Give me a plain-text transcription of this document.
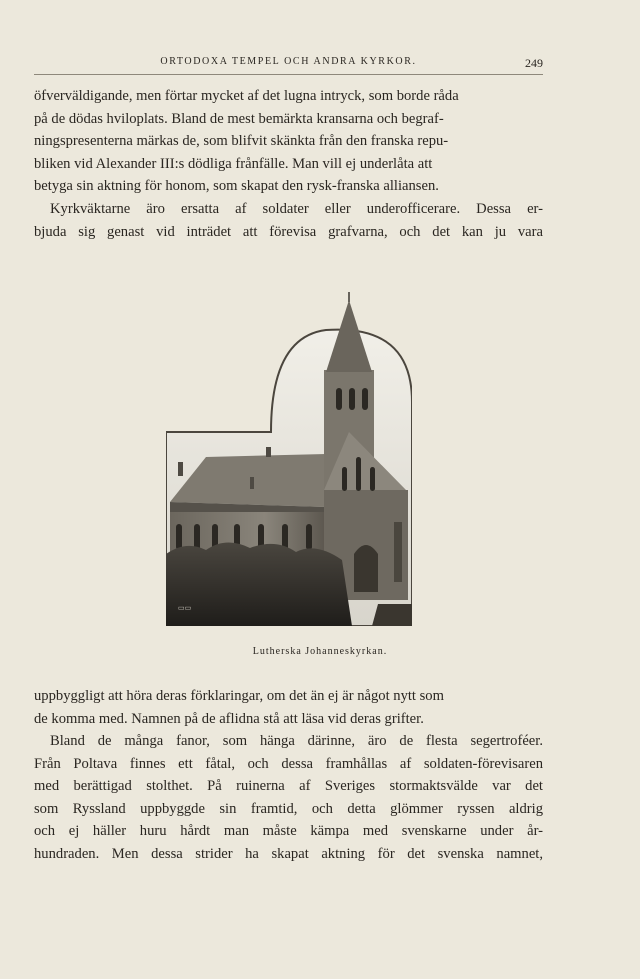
ORTODOXA TEMPEL OCH ANDRA KYRKOR.	249
öfverväldigande, men förtar mycket af det lugna intryck, som borde råda
på de dödas hviloplats. Bland de mest bemärkta kransarna och begraf-
ningspresenterna märkas de, som blifvit skänkta från den franska repu-
bliken vid Alexander III:s dödliga frånfälle. Man vill ej underlåta att
betyga sin aktning för honom, som skapat den rysk-franska alliansen.
Kyrkväktarne äro ersatta af soldater eller underofficerare. Dessa er-
bjuda sig genast vid inträdet att förevisa grafvarna, och det kan ju vara
▭▭
Lutherska Johanneskyrkan.
uppbyggligt att höra deras förklaringar, om det än ej är något nytt som
de komma med. Namnen på de aflidna stå att läsa vid deras grifter.
Bland de många fanor, som hänga därinne, äro de flesta segertroféer.
Från Poltava finnes ett fåtal, och dessa framhållas af soldaten-förevisaren
med berättigad stolthet. På ruinerna af Sveriges stormaktsvälde var det
som Ryssland uppbyggde sin framtid, och detta glömmer ryssen aldrig
och ej häller huru hårdt man måste kämpa med svenskarne under år-
hundraden. Men dessa strider ha skapat aktning för det svenska namnet,
